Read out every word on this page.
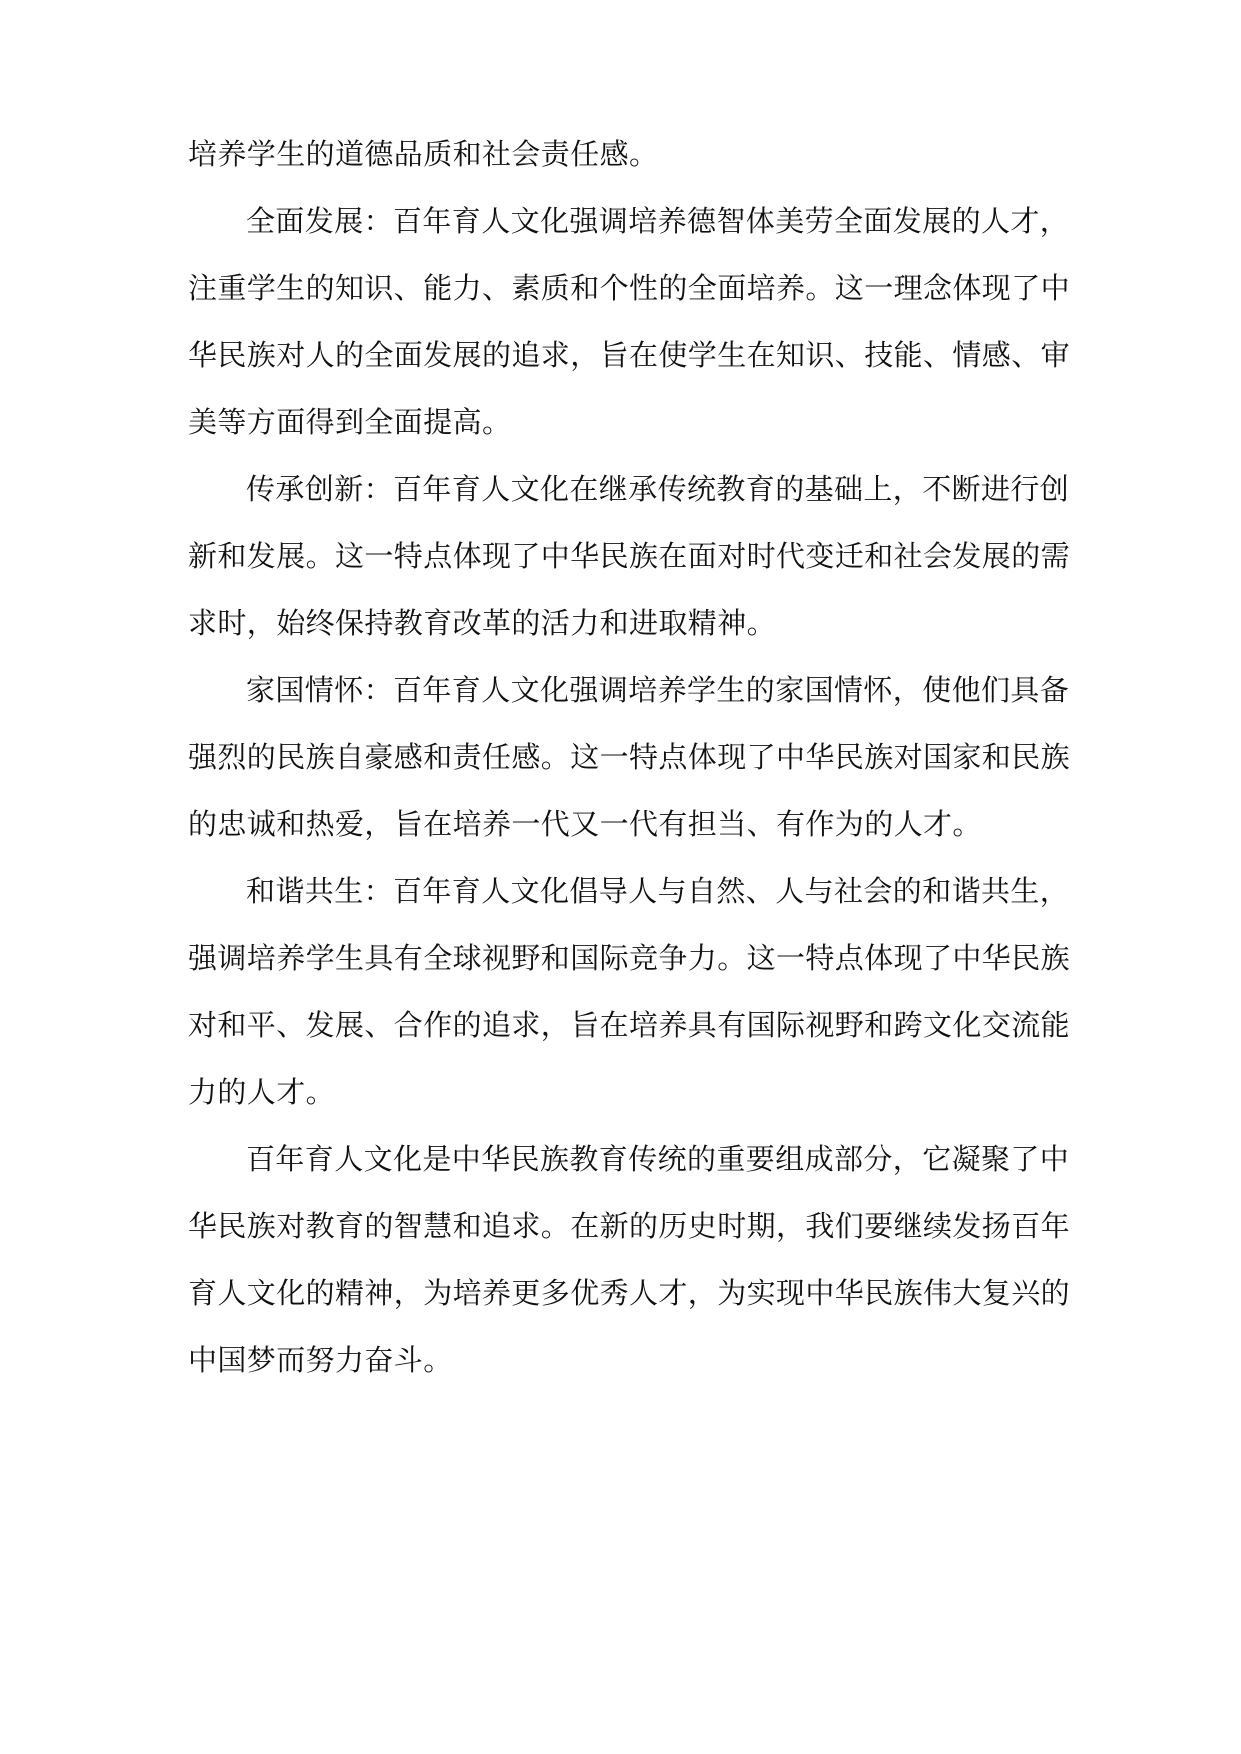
培养学生的道德品质和社会责任感。
全面发展：百年育人文化强调培养德智体美劳全面发展的人才，
注重学生的知识、能力、素质和个性的全面培养。这一理念体现了中
华民族对人的全面发展的追求，旨在使学生在知识、技能、情感、审
美等方面得到全面提高。
传承创新：百年育人文化在继承传统教育的基础上，不断进行创
新和发展。这一特点体现了中华民族在面对时代变迁和社会发展的需
求时，始终保持教育改革的活力和进取精神。
家国情怀：百年育人文化强调培养学生的家国情怀，使他们具备
强烈的民族自豪感和责任感。这一特点体现了中华民族对国家和民族
的忠诚和热爱，旨在培养一代又一代有担当、有作为的人才。
和谐共生：百年育人文化倡导人与自然、人与社会的和谐共生，
强调培养学生具有全球视野和国际竞争力。这一特点体现了中华民族
对和平、发展、合作的追求，旨在培养具有国际视野和跨文化交流能
力的人才。
百年育人文化是中华民族教育传统的重要组成部分，它凝聚了中
华民族对教育的智慧和追求。在新的历史时期，我们要继续发扬百年
育人文化的精神，为培养更多优秀人才，为实现中华民族伟大复兴的
中国梦而努力奋斗。
